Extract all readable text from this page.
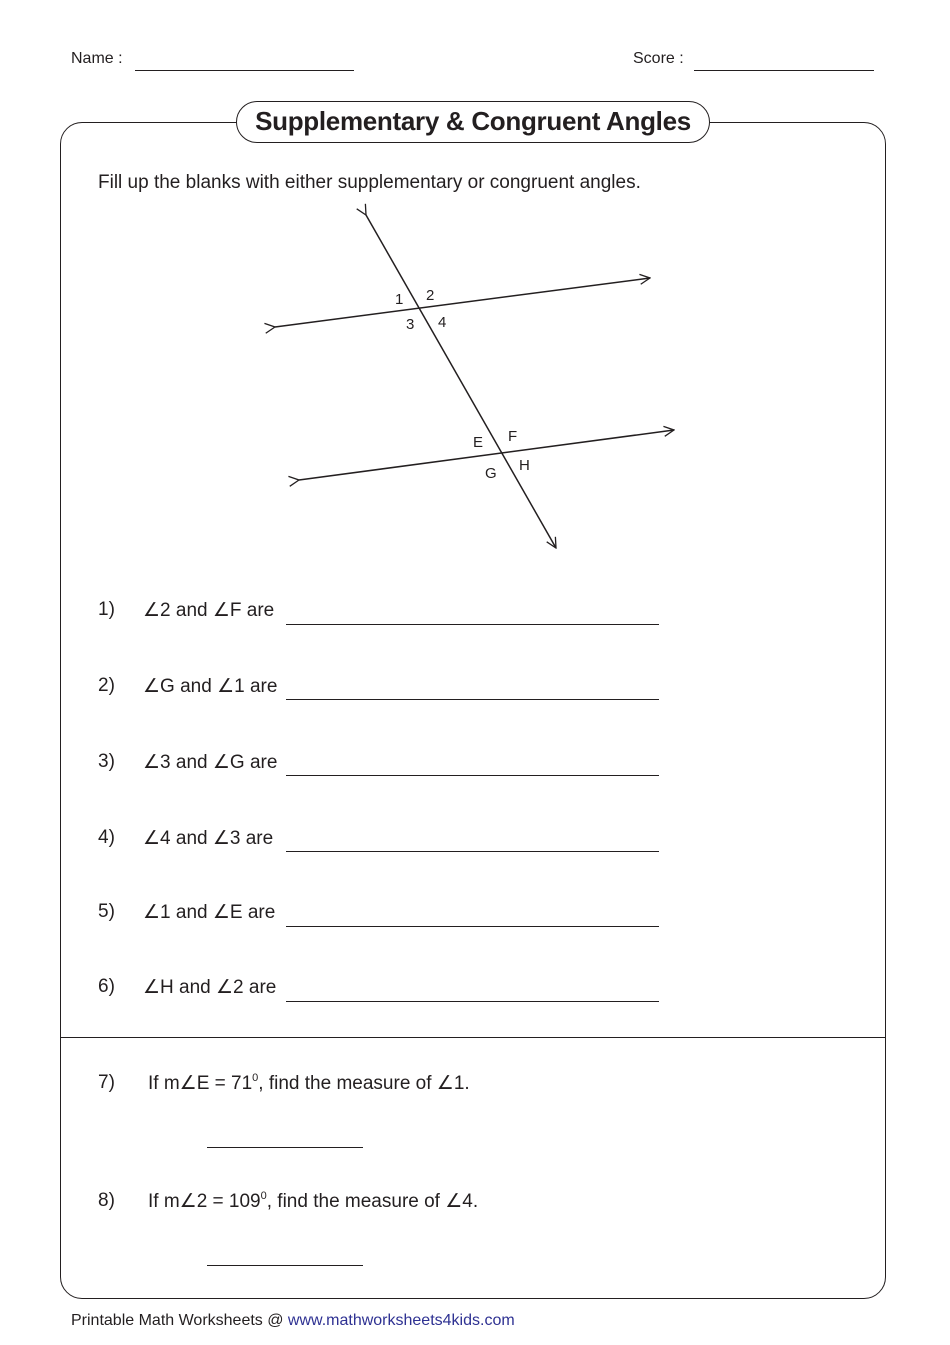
Name :	Score :
Supplementary & Congruent Angles
Fill up the blanks with either supplementary or congruent angles.
1 2
3 4
E F
G H
1) ∠2 and ∠F are
2) ∠G and ∠1 are
3) ∠3 and ∠G are
4) ∠4 and ∠3 are
5) ∠1 and ∠E are
6) ∠H and ∠2 are
7) If m∠E = $71^0$, find the measure of ∠1.
8) If m∠2 = $109^0$, find the measure of ∠4.
Printable Math Worksheets @ www.mathworksheets4kids.com
